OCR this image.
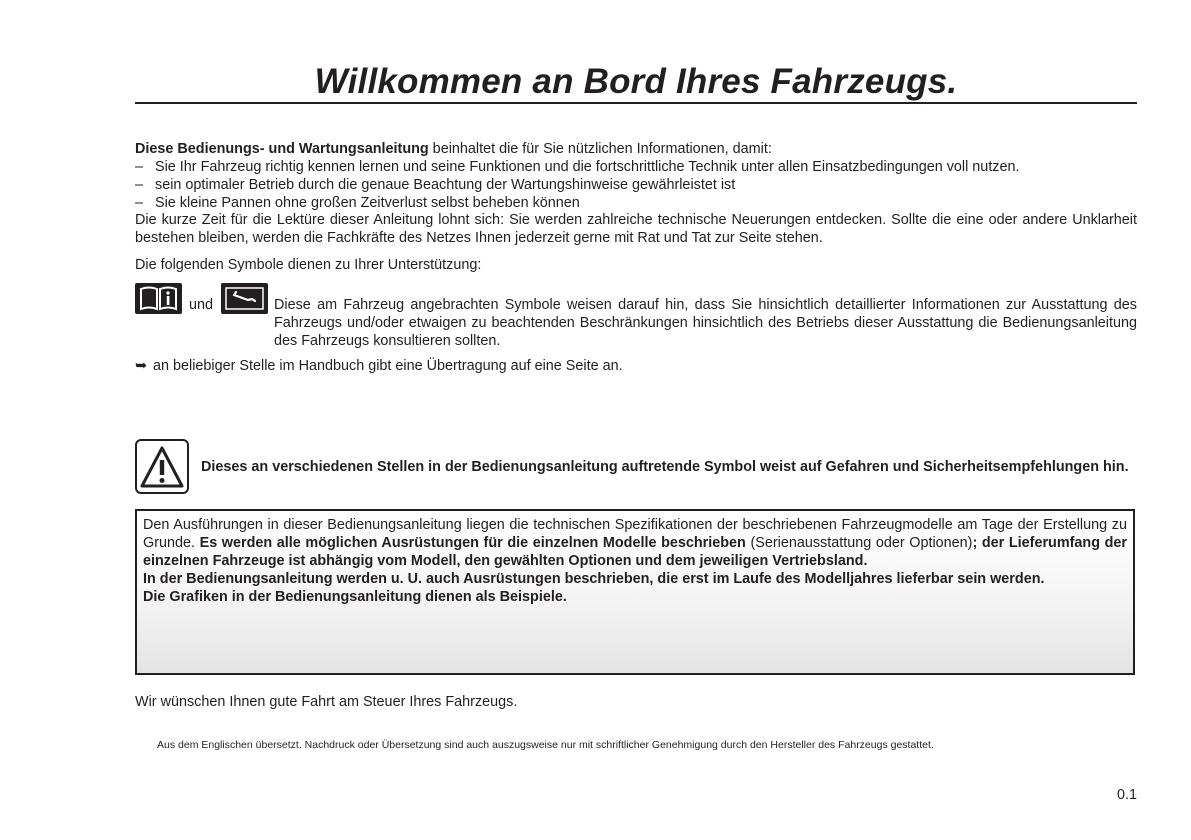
Willkommen an Bord Ihres Fahrzeugs.
Diese Bedienungs- und Wartungsanleitung beinhaltet die für Sie nützlichen Informationen, damit:
– Sie Ihr Fahrzeug richtig kennen lernen und seine Funktionen und die fortschrittliche Technik unter allen Einsatzbedingungen voll nutzen.
– sein optimaler Betrieb durch die genaue Beachtung der Wartungshinweise gewährleistet ist
– Sie kleine Pannen ohne großen Zeitverlust selbst beheben können
Die kurze Zeit für die Lektüre dieser Anleitung lohnt sich: Sie werden zahlreiche technische Neuerungen entdecken. Sollte die eine oder andere Unklarheit bestehen bleiben, werden die Fachkräfte des Netzes Ihnen jederzeit gerne mit Rat und Tat zur Seite stehen.
Die folgenden Symbole dienen zu Ihrer Unterstützung:
und	Diese am Fahrzeug angebrachten Symbole weisen darauf hin, dass Sie hinsichtlich detaillierter Informationen zur Ausstattung des Fahrzeugs und/oder etwaigen zu beachtenden Beschränkungen hinsichtlich des Betriebs dieser Ausstattung die Bedienungsanleitung des Fahrzeugs konsultieren sollten.
➥ an beliebiger Stelle im Handbuch gibt eine Übertragung auf eine Seite an.
Dieses an verschiedenen Stellen in der Bedienungsanleitung auftretende Symbol weist auf Gefahren und Sicherheitsempfehlungen hin.
Den Ausführungen in dieser Bedienungsanleitung liegen die technischen Spezifikationen der beschriebenen Fahrzeugmodelle am Tage der Erstellung zu Grunde. Es werden alle möglichen Ausrüstungen für die einzelnen Modelle beschrieben (Serienausstattung oder Optionen); der Lieferumfang der einzelnen Fahrzeuge ist abhängig vom Modell, den gewählten Optionen und dem jeweiligen Vertriebsland.
In der Bedienungsanleitung werden u. U. auch Ausrüstungen beschrieben, die erst im Laufe des Modelljahres lieferbar sein werden.
Die Grafiken in der Bedienungsanleitung dienen als Beispiele.
Wir wünschen Ihnen gute Fahrt am Steuer Ihres Fahrzeugs.
Aus dem Englischen übersetzt. Nachdruck oder Übersetzung sind auch auszugsweise nur mit schriftlicher Genehmigung durch den Hersteller des Fahrzeugs gestattet.
0.1
